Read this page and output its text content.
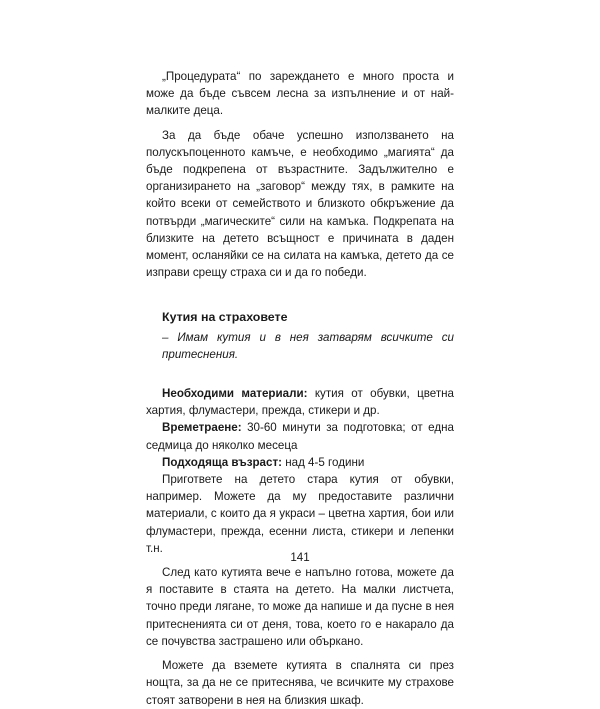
„Процедурата“ по зареждането е много проста и може да бъде съвсем лесна за изпълнение и от най-малките деца.

За да бъде обаче успешно използването на полускъпоценното камъче, е необходимо „магията“ да бъде подкрепена от възрастните. Задължително е организирането на „заговор“ между тях, в рамките на който всеки от семейството и близкото обкръжение да потвърди „магическите“ сили на камъка. Подкрепата на близките на детето всъщност е причината в даден момент, осланяйки се на силата на камъка, детето да се изправи срещу страха си и да го победи.

Кутия на страховете
– Имам кутия и в нея затварям всичките си притеснения.

Необходими материали: кутия от обувки, цветна хартия, флумастери, прежда, стикери и др.

Времетраене: 30-60 минути за подготовка; от една седмица до няколко месеца

Подходяща възраст: над 4-5 години

Пригответе на детето стара кутия от обувки, например. Можете да му предоставите различни материали, с които да я украси – цветна хартия, бои или флумастери, прежда, есенни листа, стикери и лепенки т.н.

След като кутията вече е напълно готова, можете да я поставите в стаята на детето. На малки листчета, точно преди лягане, то може да напише и да пусне в нея притесненията си от деня, това, което го е накарало да се почувства застрашено или объркано.

Можете да вземете кутията в спалнята си през нощта, за да не се притеснява, че всичките му страхове стоят затворени в нея на близкия шкаф.

141
